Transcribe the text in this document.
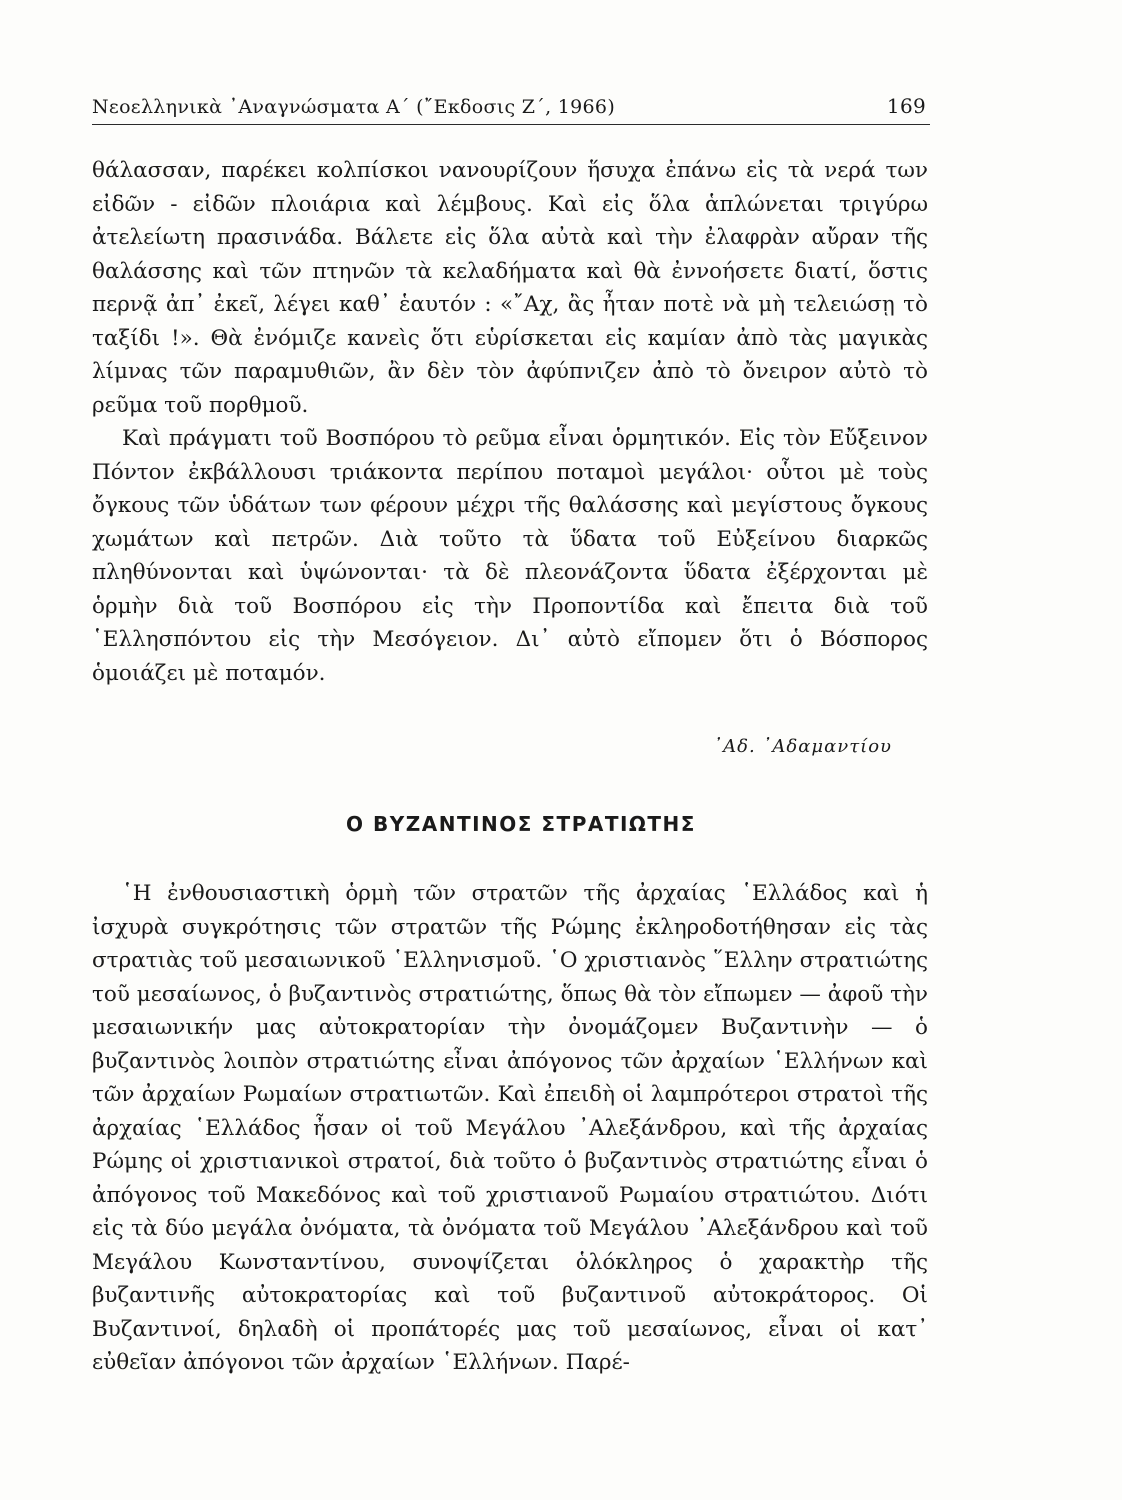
Νεοελληνικὰ ᾿Αναγνώσματα Α΄ (῎Εκδοσις Ζ΄, 1966)	169

θάλασσαν, παρέκει κολπίσκοι νανουρίζουν ἥσυχα ἐπάνω εἰς τὰ νερά των εἰδῶν - εἰδῶν πλοιάρια καὶ λέμβους. Καὶ εἰς ὅλα ἁπλώνεται τριγύρω ἀτελείωτη πρασινάδα. Βάλετε εἰς ὅλα αὐτὰ καὶ τὴν ἐλαφρὰν αὔραν τῆς θαλάσσης καὶ τῶν πτηνῶν τὰ κελαδήματα καὶ θὰ ἐννοήσετε διατί, ὅστις περνᾷ ἀπ᾿ ἐκεῖ, λέγει καθ᾿ ἑαυτόν : «῎Αχ, ἂς ἦταν ποτὲ νὰ μὴ τελειώσῃ τὸ ταξίδι !». Θὰ ἐνόμιζε κανεὶς ὅτι εὑρίσκεται εἰς καμίαν ἀπὸ τὰς μαγικὰς λίμνας τῶν παραμυθιῶν, ἂν δὲν τὸν ἀφύπνιζεν ἀπὸ τὸ ὄνειρον αὐτὸ τὸ ρεῦμα τοῦ πορθμοῦ.

Καὶ πράγματι τοῦ Βοσπόρου τὸ ρεῦμα εἶναι ὁρμητικόν. Εἰς τὸν Εὔξεινον Πόντον ἐκβάλλουσι τριάκοντα περίπου ποταμοὶ μεγάλοι· οὗτοι μὲ τοὺς ὄγκους τῶν ὑδάτων των φέρουν μέχρι τῆς θαλάσσης καὶ μεγίστους ὄγκους χωμάτων καὶ πετρῶν. Διὰ τοῦτο τὰ ὕδατα τοῦ Εὐξείνου διαρκῶς πληθύνονται καὶ ὑψώνονται· τὰ δὲ πλεονάζοντα ὕδατα ἐξέρχονται μὲ ὁρμὴν διὰ τοῦ Βοσπόρου εἰς τὴν Προποντίδα καὶ ἔπειτα διὰ τοῦ ῾Ελλησπόντου εἰς τὴν Μεσόγειον. Δι᾿ αὐτὸ εἴπομεν ὅτι ὁ Βόσπορος ὁμοιάζει μὲ ποταμόν.

᾿Αδ. ᾿Αδαμαντίου
Ο ΒΥΖΑΝΤΙΝΟΣ ΣΤΡΑΤΙΩΤΗΣ

῾Η ἐνθουσιαστικὴ ὁρμὴ τῶν στρατῶν τῆς ἀρχαίας ῾Ελλάδος καὶ ἡ ἰσχυρὰ συγκρότησις τῶν στρατῶν τῆς Ρώμης ἐκληροδοτήθησαν εἰς τὰς στρατιὰς τοῦ μεσαιωνικοῦ ῾Ελληνισμοῦ. ῾Ο χριστιανὸς ῞Ελλην στρατιώτης τοῦ μεσαίωνος, ὁ βυζαντινὸς στρατιώτης, ὅπως θὰ τὸν εἴπωμεν — ἀφοῦ τὴν μεσαιωνικήν μας αὐτοκρατορίαν τὴν ὀνομάζομεν Βυζαντινὴν — ὁ βυζαντινὸς λοιπὸν στρατιώτης εἶναι ἀπόγονος τῶν ἀρχαίων ῾Ελλήνων καὶ τῶν ἀρχαίων Ρωμαίων στρατιωτῶν. Καὶ ἐπειδὴ οἱ λαμπρότεροι στρατοὶ τῆς ἀρχαίας ῾Ελλάδος ἦσαν οἱ τοῦ Μεγάλου ᾿Αλεξάνδρου, καὶ τῆς ἀρχαίας Ρώμης οἱ χριστιανικοὶ στρατοί, διὰ τοῦτο ὁ βυζαντινὸς στρατιώτης εἶναι ὁ ἀπόγονος τοῦ Μακεδόνος καὶ τοῦ χριστιανοῦ Ρωμαίου στρατιώτου. Διότι εἰς τὰ δύο μεγάλα ὀνόματα, τὰ ὀνόματα τοῦ Μεγάλου ᾿Αλεξάνδρου καὶ τοῦ Μεγάλου Κωνσταντίνου, συνοψίζεται ὁλόκληρος ὁ χαρακτὴρ τῆς βυζαντινῆς αὐτοκρατορίας καὶ τοῦ βυζαντινοῦ αὐτοκράτορος. Οἱ Βυζαντινοί, δηλαδὴ οἱ προπάτορές μας τοῦ μεσαίωνος, εἶναι οἱ κατ᾿ εὐθεῖαν ἀπόγονοι τῶν ἀρχαίων ῾Ελλήνων. Παρέ-
